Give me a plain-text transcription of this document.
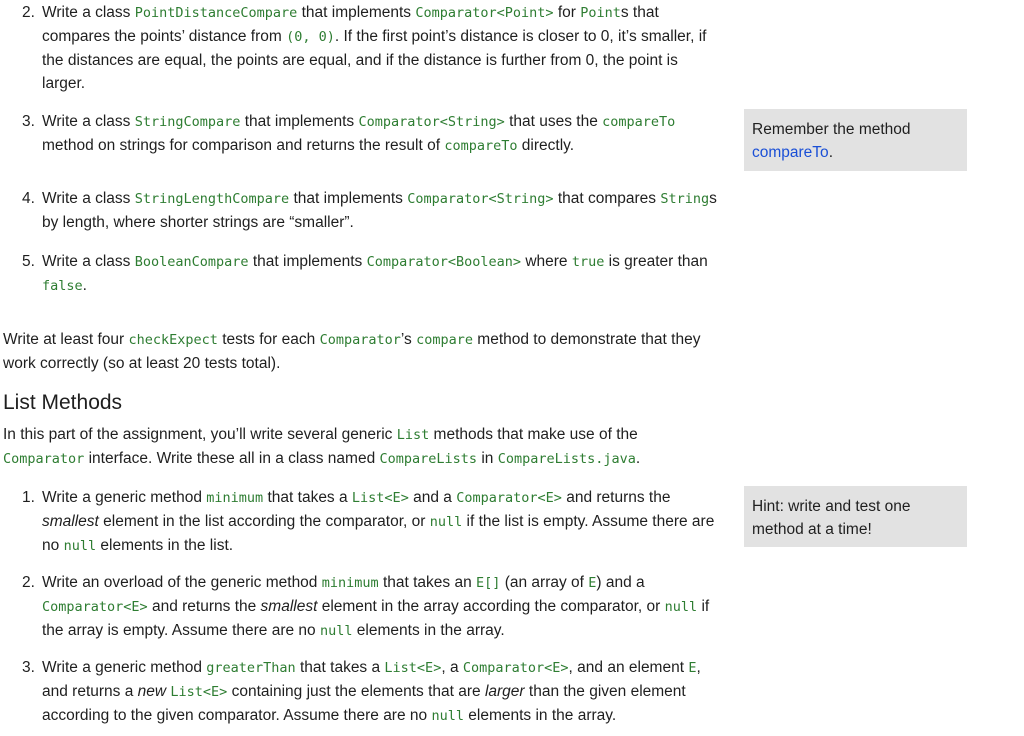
2. Write a class PointDistanceCompare that implements Comparator<Point> for Points that compares the points’ distance from (0, 0). If the first point’s distance is closer to 0, it’s smaller, if the distances are equal, the points are equal, and if the distance is further from 0, the point is larger.
3. Write a class StringCompare that implements Comparator<String> that uses the compareTo method on strings for comparison and returns the result of compareTo directly.
4. Write a class StringLengthCompare that implements Comparator<String> that compares Strings by length, where shorter strings are “smaller”.
5. Write a class BooleanCompare that implements Comparator<Boolean> where true is greater than false.

Write at least four checkExpect tests for each Comparator’s compare method to demonstrate that they work correctly (so at least 20 tests total).

List Methods

In this part of the assignment, you’ll write several generic List methods that make use of the Comparator interface. Write these all in a class named CompareLists in CompareLists.java.

1. Write a generic method minimum that takes a List<E> and a Comparator<E> and returns the smallest element in the list according the comparator, or null if the list is empty. Assume there are no null elements in the list.
2. Write an overload of the generic method minimum that takes an E[] (an array of E) and a Comparator<E> and returns the smallest element in the array according the comparator, or null if the array is empty. Assume there are no null elements in the array.
3. Write a generic method greaterThan that takes a List<E>, a Comparator<E>, and an element E, and returns a new List<E> containing just the elements that are larger than the given element according to the given comparator. Assume there are no null elements in the array.
Remember the method
compareTo.
Hint: write and test one method at a time!
